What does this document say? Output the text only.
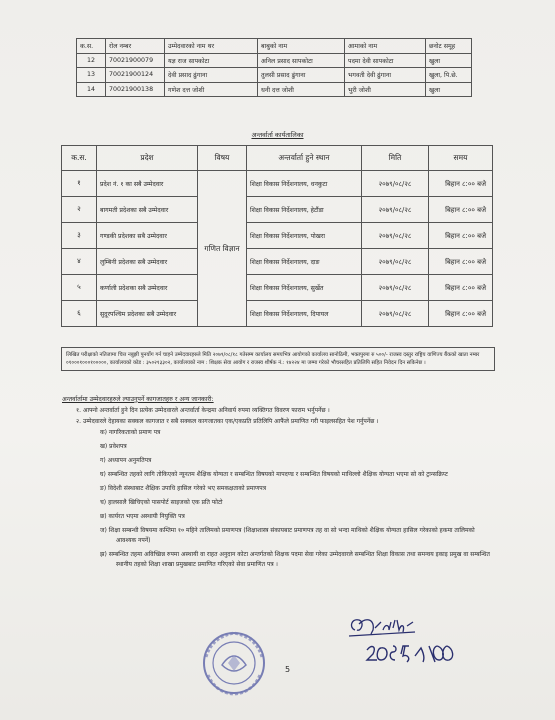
क.स.	रोल नम्बर	उम्मेदवारको नाम थर	बाबुको नाम	आमाको नाम	छनोट समूह
12	70021900079	यज्ञ राज सापकोटा	अनिल प्रसाद सापकोटा	पदमा देवी सापकोटा	खुला
13	70021900124	देवी प्रसाद ढुंगाना	तुलसी प्रसाद ढुंगाना	भगवती देवी ढुंगाना	खुला, पि.छे.
14	70021900138	गणेश दत्त जोशी	धनी दत्त जोशी	भुरी जोशी	खुला
अन्तर्वार्ता कार्यतालिका
क.स.	प्रदेश	विषय	अन्तर्वार्ता हुने स्थान	मिति	समय
१	प्रदेश नं. १ का सबै उम्मेदवार	गणित विज्ञान	शिक्षा विकास निर्देशनालय, धनकुटा	२०७९/०८/२८	बिहान ८:०० बजे
२	बागमती प्रदेशका सबै उम्मेदवार		शिक्षा विकास निर्देशनालय, हेटौंडा	२०७९/०८/२८	बिहान ८:०० बजे
३	गण्डकी प्रदेशका सबै उम्मेदवार		शिक्षा विकास निर्देशनालय, पोखरा	२०७९/०८/२८	बिहान ८:०० बजे
४	लुम्बिनी प्रदेशका सबै उम्मेदवार		शिक्षा विकास निर्देशनालय, दाङ	२०७९/०८/२८	बिहान ८:०० बजे
५	कर्णाली प्रदेशका सबै उम्मेदवार		शिक्षा विकास निर्देशनालय, सुर्खेत	२०७९/०८/२८	बिहान ८:०० बजे
६	सुदूरपश्चिम प्रदेशका सबै उम्मेदवार		शिक्षा विकास निर्देशनालय, दिपायल	२०७९/०८/२८	बिहान ८:०० बजे
लिखित परीक्षाको नतिजामा चित्त नबुझी पुनर्योग गर्न चाहने उम्मेदवारहरुले मिति २०७९/०८/१८ गतेसम्म कार्यालय समयभित्र आयोगको कार्यालय सानोठिमी, भक्तपुरमा रु ५००/- राजस्व दस्तुर राष्ट्रिय वाणिज्य बैंकको खाता नम्बर ०१०००१०००१०००००, कार्यालयको कोड : ३५०२१३३०२, कार्यालयको नाम : शिक्षक सेवा आयोग र राजस्व शीर्षक नं.: १४२२४ मा जम्मा गरेको भौचरसहित प्रतिलिपि सहित निवेदन दिन सकिनेछ ।
अन्तर्वार्तामा उम्मेदवारहरुले ल्याउनुपर्ने कागजातहरु र अन्य जानकारी:

१. आफ्नो अन्तर्वार्ता हुने दिन प्रत्येक उम्मेदवारले अन्तर्वार्ता केन्द्रमा अनिवार्य रुपमा व्यक्तिगत विवरण फाराम भर्नुपर्नेछ ।

२. उम्मेदवारले देहायका सक्कल कागजात र सबै सक्कल कागजातका एक/एकप्रति प्रतिलिपि आफैंले प्रमाणित गरी फाइलसहित पेश गर्नुपर्नेछ ।

क) नागरिकताको प्रमाण पत्र

ख) प्रवेशपत्र

ग) अध्यापन अनुमतिपत्र

घ) सम्बन्धित तहको लागि तोकिएको न्यूनतम शैक्षिक योग्यता र सम्बन्धित विषयको मापदण्ड र सम्बन्धित विषयको माथिल्लो शैक्षिक योग्यता भएमा सो को ट्रान्सक्रिप्ट

ङ) विदेशी संस्थाबाट शैक्षिक उपाधि हासिल गरेको भए समकक्षताको प्रमाणपत्र

च) हालसालै खिचिएको पासपोर्ट साइजको एक प्रति फोटो

छ) कार्यरत भएमा अस्थायी नियुक्ति पत्र

ज) शिक्षा सम्बन्धी विषयमा कम्तिमा १० महिने तालिमको प्रमाणपत्र (शिक्षाशास्त्र संकायबाट प्रमाणपत्र तह वा सो भन्दा माथिको शैक्षिक योग्यता हासिल गरेकाको हकमा तालिमको आवश्यक नपर्ने)

झ) सम्बन्धित तहमा अविच्छिन्न रुपमा अस्थायी वा राहत अनुदान कोटा अन्तर्गतको शिक्षक पदमा सेवा गरेका उम्मेदवारले सम्बन्धित शिक्षा विकास तथा समन्वय इकाइ प्रमुख वा सम्बन्धित स्थानीय तहको शिक्षा शाखा प्रमुखबाट प्रमाणित गरिएको सेवा प्रमाणित पत्र ।

5
